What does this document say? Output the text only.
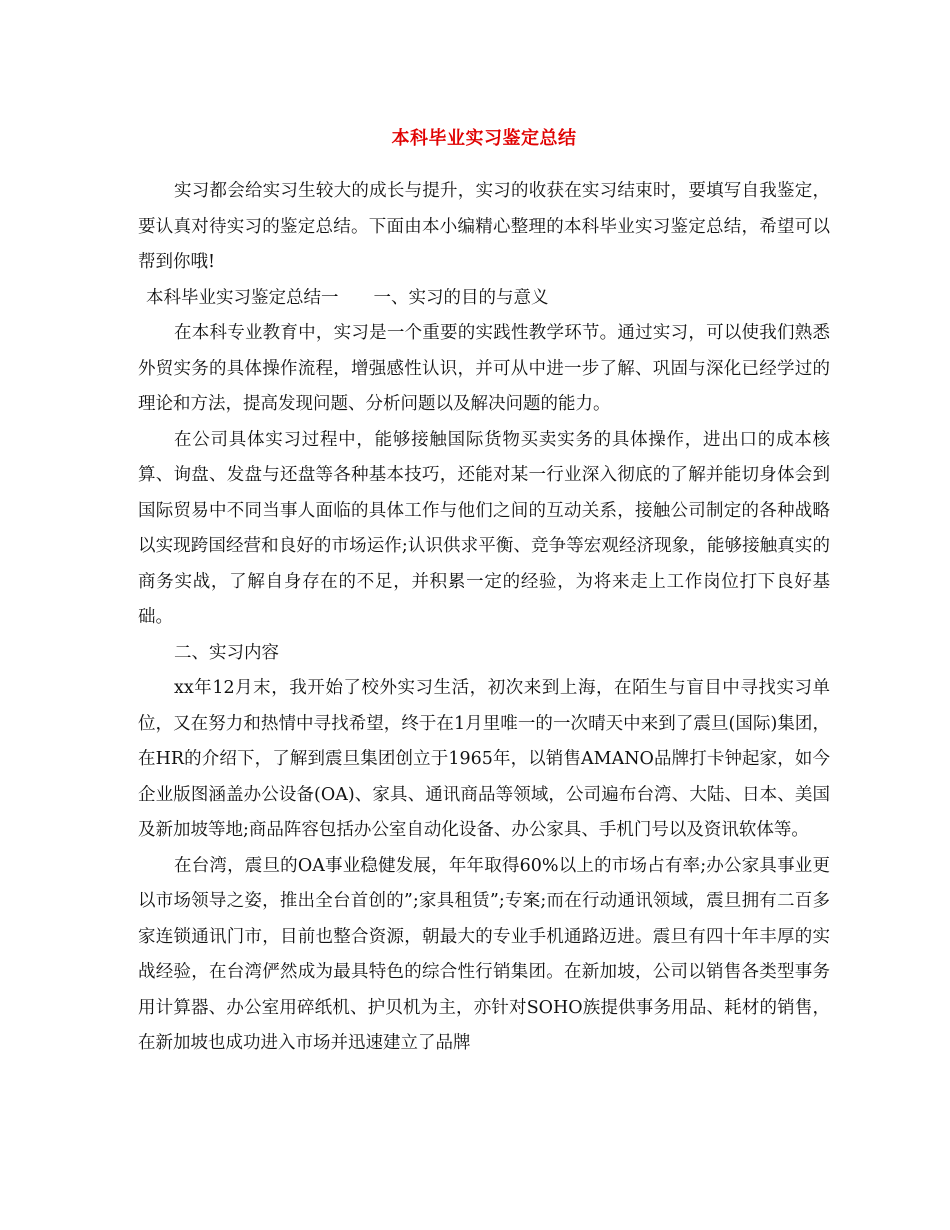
本科毕业实习鉴定总结

实习都会给实习生较大的成长与提升，实习的收获在实习结束时，要填写自我鉴定，要认真对待实习的鉴定总结。下面由本小编精心整理的本科毕业实习鉴定总结，希望可以帮到你哦!

本科毕业实习鉴定总结一　　一、实习的目的与意义

在本科专业教育中，实习是一个重要的实践性教学环节。通过实习，可以使我们熟悉外贸实务的具体操作流程，增强感性认识，并可从中进一步了解、巩固与深化已经学过的理论和方法，提高发现问题、分析问题以及解决问题的能力。

在公司具体实习过程中，能够接触国际货物买卖实务的具体操作，进出口的成本核算、询盘、发盘与还盘等各种基本技巧，还能对某一行业深入彻底的了解并能切身体会到国际贸易中不同当事人面临的具体工作与他们之间的互动关系，接触公司制定的各种战略以实现跨国经营和良好的市场运作;认识供求平衡、竞争等宏观经济现象，能够接触真实的商务实战，了解自身存在的不足，并积累一定的经验，为将来走上工作岗位打下良好基础。

二、实习内容

xx年12月末，我开始了校外实习生活，初次来到上海，在陌生与盲目中寻找实习单位，又在努力和热情中寻找希望，终于在1月里唯一的一次晴天中来到了震旦(国际)集团，在HR的介绍下，了解到震旦集团创立于1965年，以销售AMANO品牌打卡钟起家，如今企业版图涵盖办公设备(OA)、家具、通讯商品等领域，公司遍布台湾、大陆、日本、美国及新加坡等地;商品阵容包括办公室自动化设备、办公家具、手机门号以及资讯软体等。

在台湾，震旦的OA事业稳健发展，年年取得60%以上的市场占有率;办公家具事业更以市场领导之姿，推出全台首创的”;家具租赁”;专案;而在行动通讯领域，震旦拥有二百多家连锁通讯门市，目前也整合资源，朝最大的专业手机通路迈进。震旦有四十年丰厚的实战经验，在台湾俨然成为最具特色的综合性行销集团。在新加坡，公司以销售各类型事务用计算器、办公室用碎纸机、护贝机为主，亦针对SOHO族提供事务用品、耗材的销售，在新加坡也成功进入市场并迅速建立了品牌
